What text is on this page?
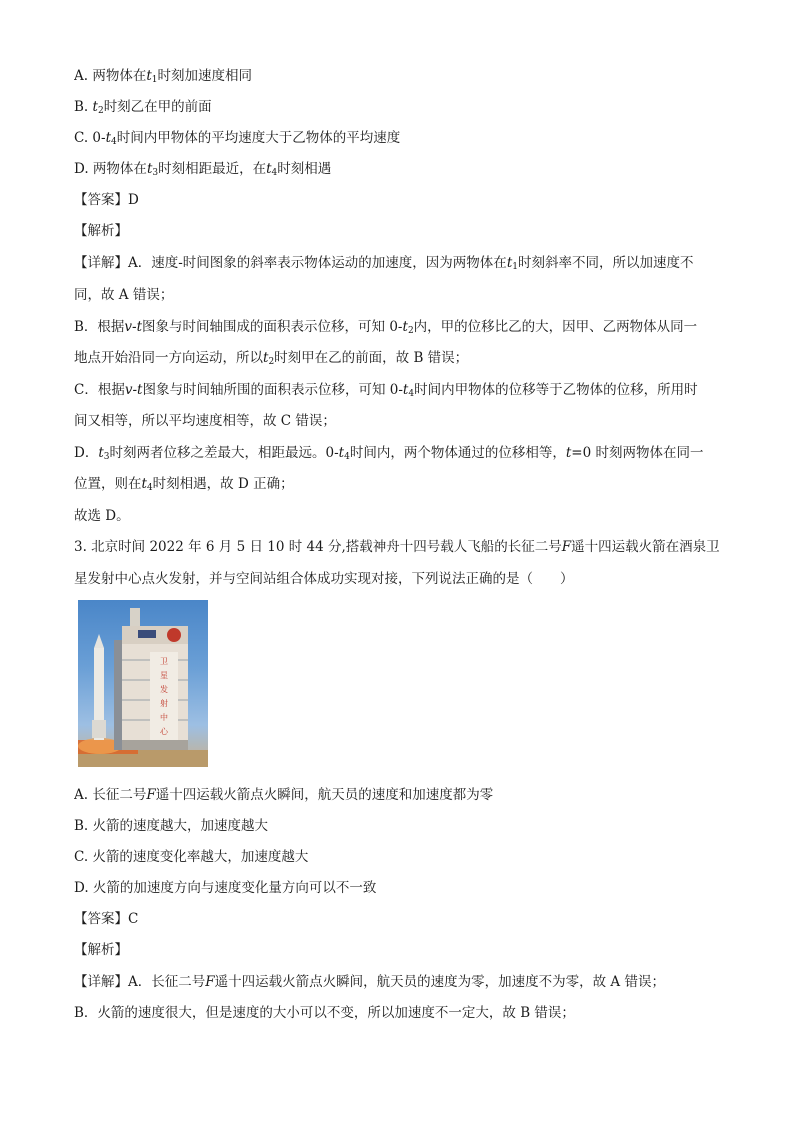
A. 两物体在$t_1$时刻加速度相同
B. $t_2$时刻乙在甲的前面
C. $0-t_4$时间内甲物体的平均速度大于乙物体的平均速度
D. 两物体在$t_3$时刻相距最近，在$t_4$时刻相遇
【答案】D
【解析】
【详解】A．速度-时间图象的斜率表示物体运动的加速度，因为两物体在$t_1$时刻斜率不同，所以加速度不
同，故 A 错误；
B．根据v-t图象与时间轴围成的面积表示位移，可知 $0-t_2$内，甲的位移比乙的大，因甲、乙两物体从同一
地点开始沿同一方向运动，所以$t_2$时刻甲在乙的前面，故 B 错误；
C．根据v-t图象与时间轴所围的面积表示位移，可知 $0-t_4$时间内甲物体的位移等于乙物体的位移，所用时
间又相等，所以平均速度相等，故 C 错误；
D．$t_3$时刻两者位移之差最大，相距最远。$0-t_4$时间内，两个物体通过的位移相等，t=0 时刻两物体在同一
位置，则在$t_4$时刻相遇，故 D 正确；
故选 D。
3. 北京时间 2022 年 6 月 5 日 10 时 44 分,搭载神舟十四号载人飞船的长征二号F遥十四运载火箭在酒泉卫
星发射中心点火发射，并与空间站组合体成功实现对接，下列说法正确的是（　　）
卫
星
发
射
中
心
A. 长征二号F遥十四运载火箭点火瞬间，航天员的速度和加速度都为零
B. 火箭的速度越大，加速度越大
C. 火箭的速度变化率越大，加速度越大
D. 火箭的加速度方向与速度变化量方向可以不一致
【答案】C
【解析】
【详解】A．长征二号F遥十四运载火箭点火瞬间，航天员的速度为零，加速度不为零，故 A 错误；
B．火箭的速度很大，但是速度的大小可以不变，所以加速度不一定大，故 B 错误；
